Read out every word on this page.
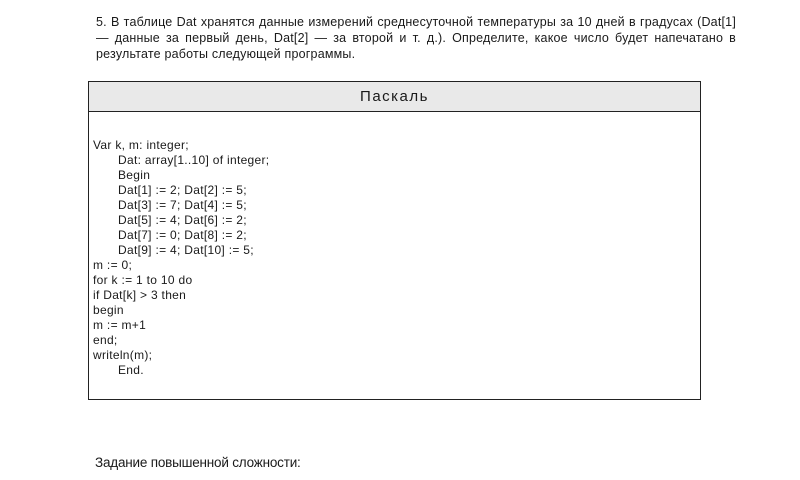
5. В таблице Dat хранятся данные измерений среднесуточной температуры за 10 дней в градусах (Dat[1] — данные за первый день, Dat[2] — за второй и т. д.). Определите, какое число будет напечатано в результате работы следующей программы.

Паскаль
Var k, m: integer;
Dat: array[1..10] of integer;
Begin
Dat[1] := 2; Dat[2] := 5;
Dat[3] := 7; Dat[4] := 5;
Dat[5] := 4; Dat[6] := 2;
Dat[7] := 0; Dat[8] := 2;
Dat[9] := 4; Dat[10] := 5;
m := 0;
for k := 1 to 10 do
if Dat[k] > 3 then
begin
m := m+1
end;
writeln(m);
End.
Задание повышенной сложности:
